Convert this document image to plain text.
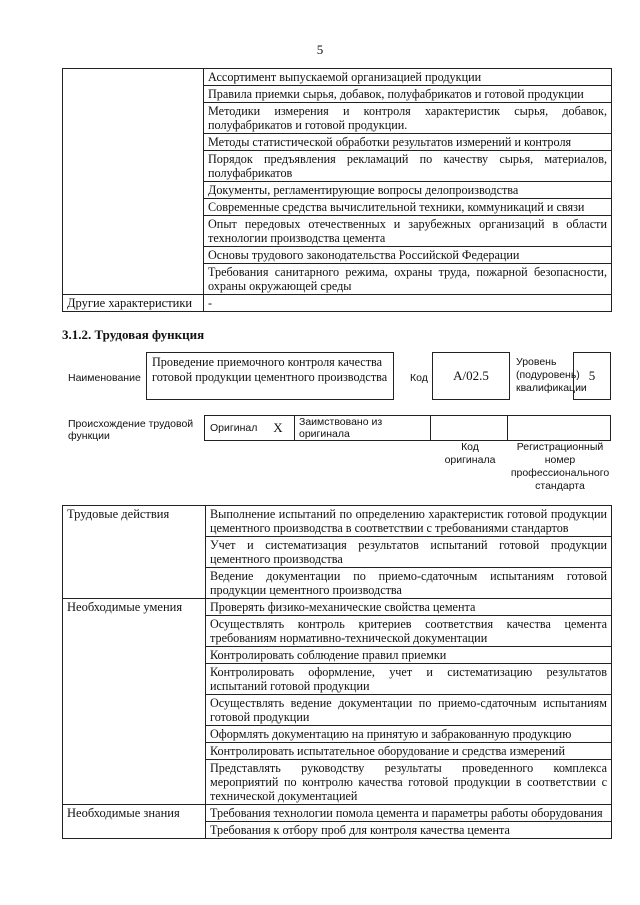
5
	Ассортимент выпускаемой организацией продукции
	Правила приемки сырья, добавок, полуфабрикатов и готовой продукции
	Методики измерения и контроля характеристик сырья, добавок, полуфабрикатов и готовой продукции.
	Методы статистической обработки результатов измерений и контроля
	Порядок предъявления рекламаций по качеству сырья, материалов, полуфабрикатов
	Документы, регламентирующие вопросы делопроизводства
	Современные средства вычислительной техники, коммуникаций и связи
	Опыт передовых отечественных и зарубежных организаций в области технологии производства цемента
	Основы трудового законодательства Российской Федерации
	Требования санитарного режима, охраны труда, пожарной безопасности, охраны окружающей среды
Другие характеристики	-
3.1.2. Трудовая функция
Наименование
Проведение приемочного контроля качества готовой продукции цементного производства	Код	А/02.5
Уровень (подуровень) квалификации
5
Происхождение трудовой функции
Оригинал	X	Заимствовано из оригинала
Код оригинала
Регистрационный номер профессионального стандарта
Трудовые действия	Выполнение испытаний по определению характеристик готовой продукции цементного производства в соответствии с требованиями стандартов
	Учет и систематизация результатов испытаний готовой продукции цементного производства
	Ведение документации по приемо-сдаточным испытаниям готовой продукции цементного производства
Необходимые умения	Проверять физико-механические свойства цемента
	Осуществлять контроль критериев соответствия качества цемента требованиям нормативно-технической документации
	Контролировать соблюдение правил приемки
	Контролировать оформление, учет и систематизацию результатов испытаний готовой продукции
	Осуществлять ведение документации по приемо-сдаточным испытаниям готовой продукции
	Оформлять документацию на принятую и забракованную продукцию
	Контролировать испытательное оборудование и средства измерений
	Представлять руководству результаты проведенного комплекса мероприятий по контролю качества готовой продукции в соответствии с технической документацией
Необходимые знания	Требования технологии помола цемента и параметры работы оборудования
	Требования к отбору проб для контроля качества цемента
